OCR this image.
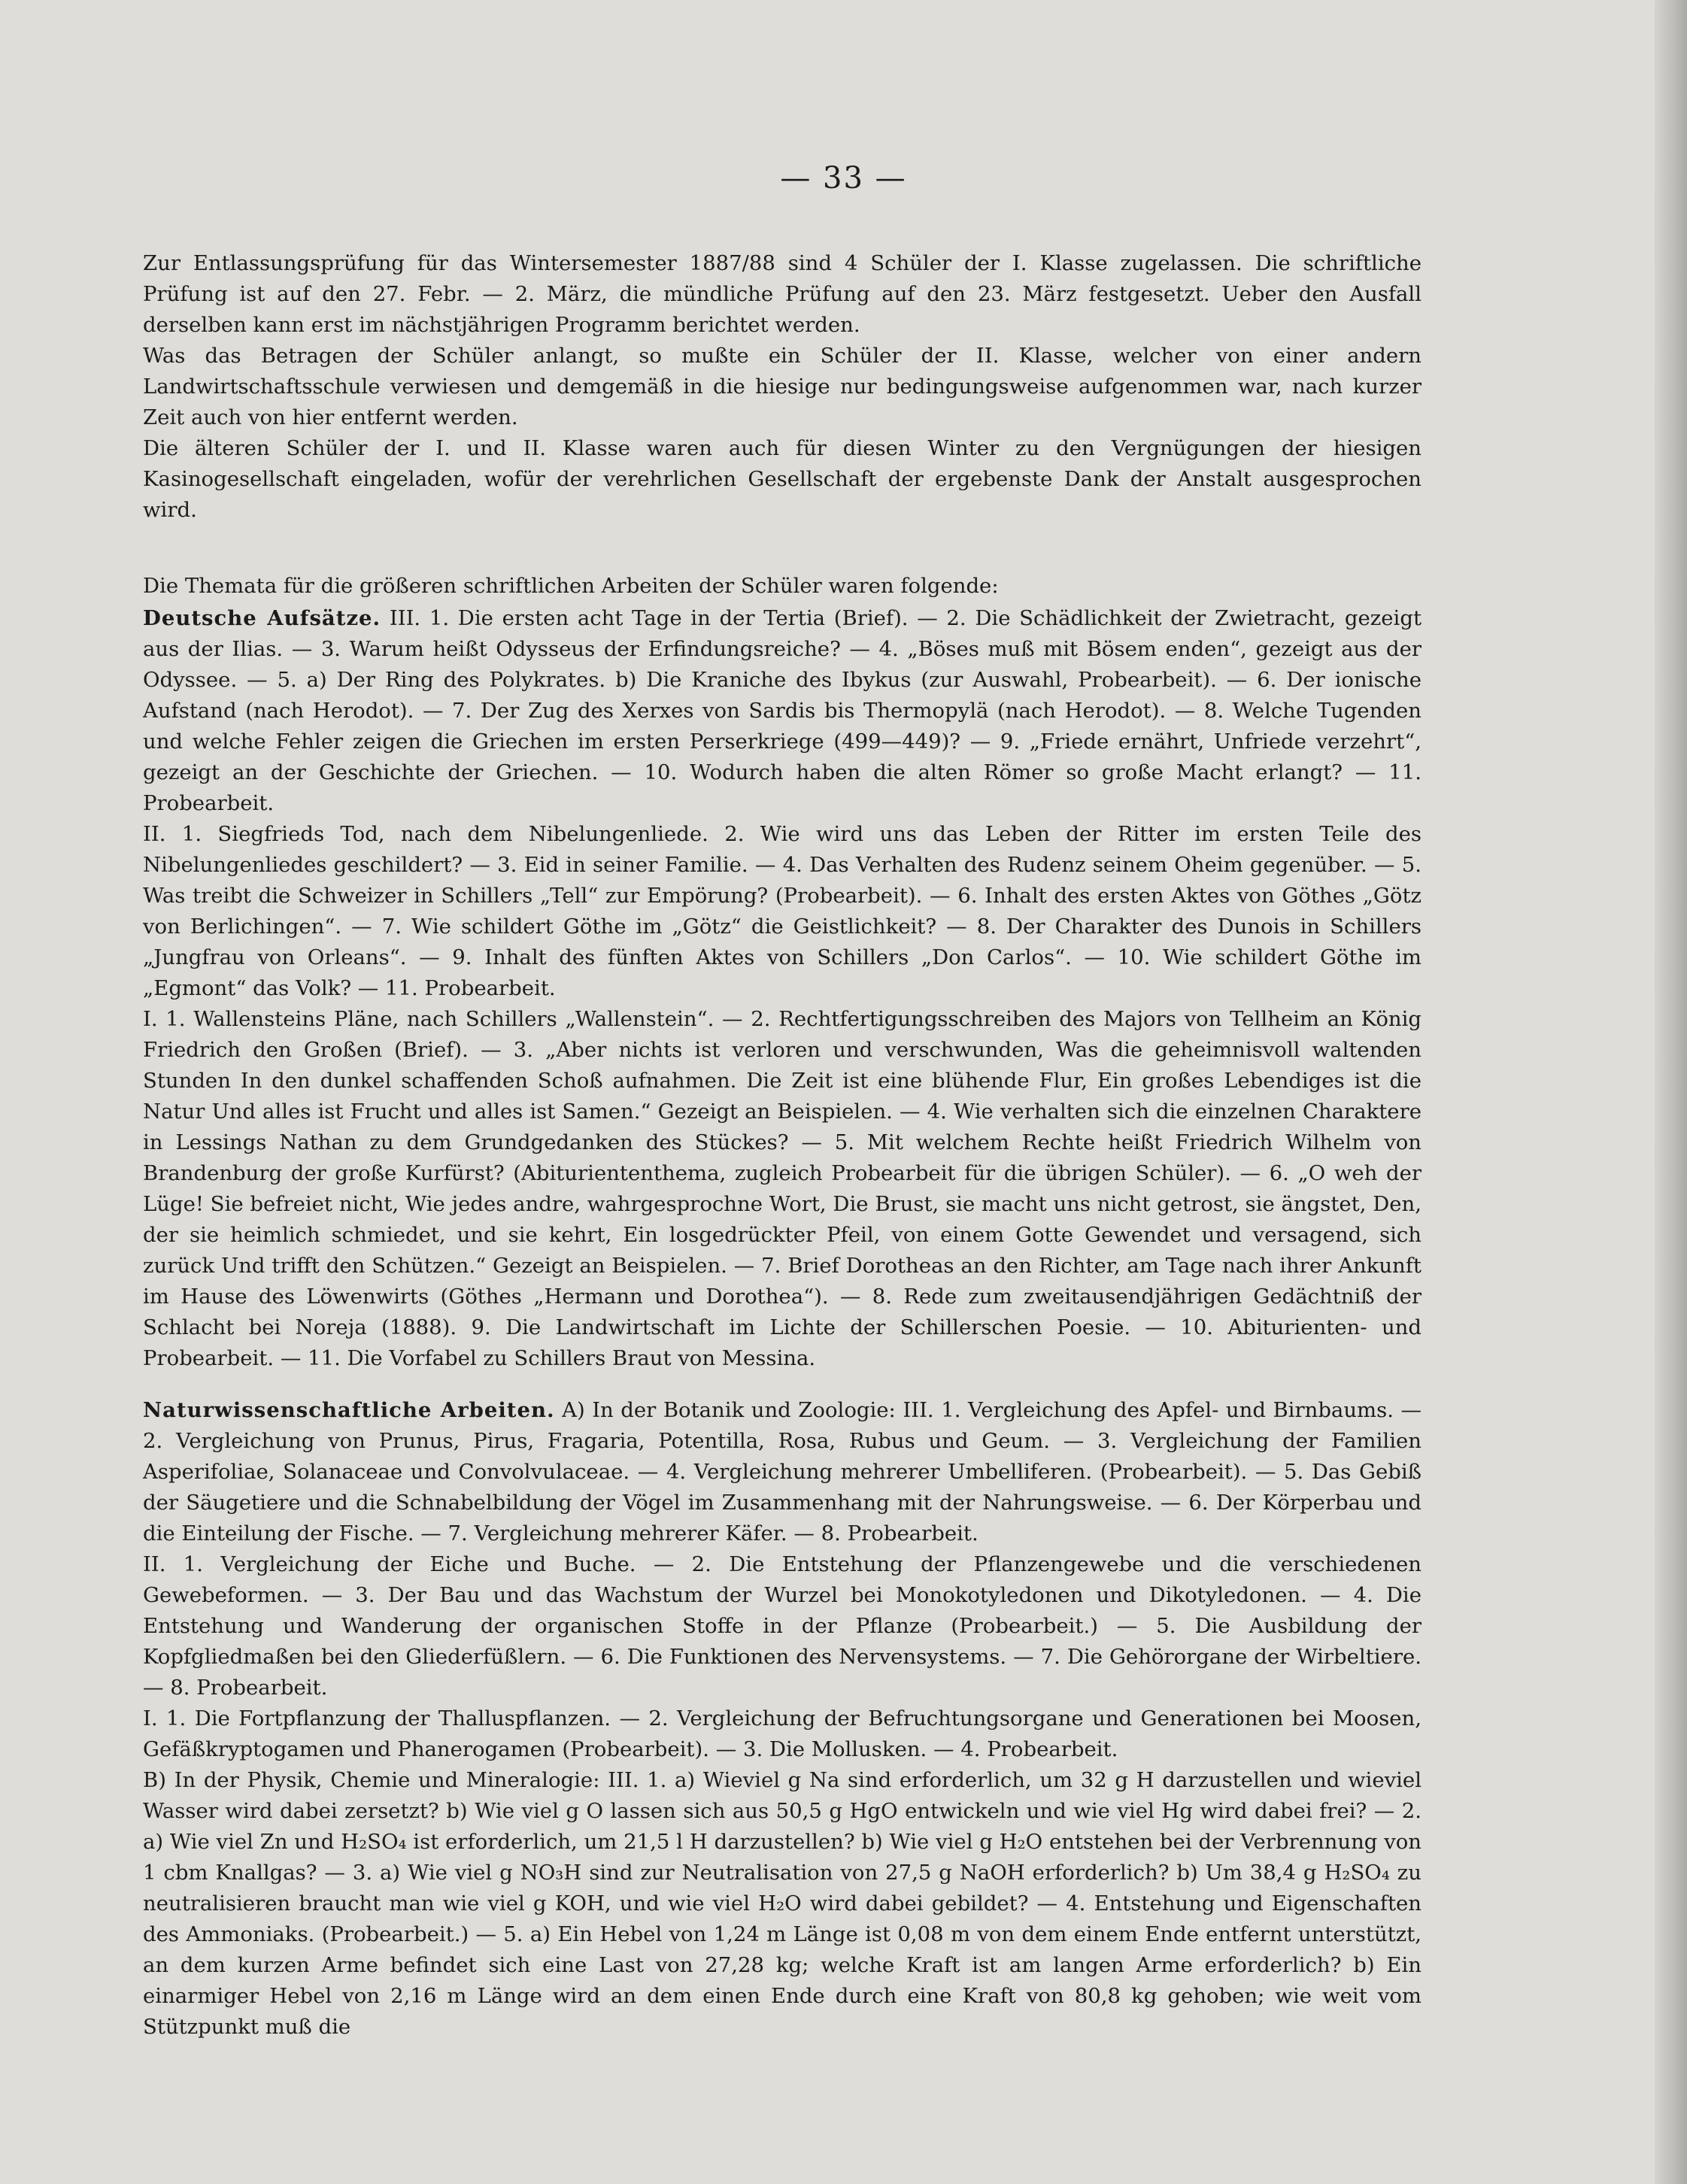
— 33 —

Zur Entlassungsprüfung für das Wintersemester 1887/88 sind 4 Schüler der I. Klasse zugelassen. Die schriftliche Prüfung ist auf den 27. Febr. — 2. März, die mündliche Prüfung auf den 23. März festgesetzt. Ueber den Ausfall derselben kann erst im nächstjährigen Programm berichtet werden.

Was das Betragen der Schüler anlangt, so mußte ein Schüler der II. Klasse, welcher von einer andern Landwirtschaftsschule verwiesen und demgemäß in die hiesige nur bedingungsweise aufgenommen war, nach kurzer Zeit auch von hier entfernt werden.

Die älteren Schüler der I. und II. Klasse waren auch für diesen Winter zu den Vergnügungen der hiesigen Kasinogesellschaft eingeladen, wofür der verehrlichen Gesellschaft der ergebenste Dank der Anstalt ausgesprochen wird.

Die Themata für die größeren schriftlichen Arbeiten der Schüler waren folgende:

Deutsche Aufsätze. III. 1. Die ersten acht Tage in der Tertia (Brief). — 2. Die Schädlichkeit der Zwietracht, gezeigt aus der Ilias. — 3. Warum heißt Odysseus der Erfindungsreiche? — 4. „Böses muß mit Bösem enden“, gezeigt aus der Odyssee. — 5. a) Der Ring des Polykrates. b) Die Kraniche des Ibykus (zur Auswahl, Probearbeit). — 6. Der ionische Aufstand (nach Herodot). — 7. Der Zug des Xerxes von Sardis bis Thermopylä (nach Herodot). — 8. Welche Tugenden und welche Fehler zeigen die Griechen im ersten Perserkriege (499—449)? — 9. „Friede ernährt, Unfriede verzehrt“, gezeigt an der Geschichte der Griechen. — 10. Wodurch haben die alten Römer so große Macht erlangt? — 11. Probearbeit.

II. 1. Siegfrieds Tod, nach dem Nibelungenliede. 2. Wie wird uns das Leben der Ritter im ersten Teile des Nibelungenliedes geschildert? — 3. Eid in seiner Familie. — 4. Das Verhalten des Rudenz seinem Oheim gegenüber. — 5. Was treibt die Schweizer in Schillers „Tell“ zur Empörung? (Probearbeit). — 6. Inhalt des ersten Aktes von Göthes „Götz von Berlichingen“. — 7. Wie schildert Göthe im „Götz“ die Geistlichkeit? — 8. Der Charakter des Dunois in Schillers „Jungfrau von Orleans“. — 9. Inhalt des fünften Aktes von Schillers „Don Carlos“. — 10. Wie schildert Göthe im „Egmont“ das Volk? — 11. Probearbeit.

I. 1. Wallensteins Pläne, nach Schillers „Wallenstein“. — 2. Rechtfertigungsschreiben des Majors von Tellheim an König Friedrich den Großen (Brief). — 3. „Aber nichts ist verloren und verschwunden, Was die geheimnisvoll waltenden Stunden In den dunkel schaffenden Schoß aufnahmen. Die Zeit ist eine blühende Flur, Ein großes Lebendiges ist die Natur Und alles ist Frucht und alles ist Samen.“ Gezeigt an Beispielen. — 4. Wie verhalten sich die einzelnen Charaktere in Lessings Nathan zu dem Grundgedanken des Stückes? — 5. Mit welchem Rechte heißt Friedrich Wilhelm von Brandenburg der große Kurfürst? (Abituriententhema, zugleich Probearbeit für die übrigen Schüler). — 6. „O weh der Lüge! Sie befreiet nicht, Wie jedes andre, wahrgesprochne Wort, Die Brust, sie macht uns nicht getrost, sie ängstet, Den, der sie heimlich schmiedet, und sie kehrt, Ein losgedrückter Pfeil, von einem Gotte Gewendet und versagend, sich zurück Und trifft den Schützen.“ Gezeigt an Beispielen. — 7. Brief Dorotheas an den Richter, am Tage nach ihrer Ankunft im Hause des Löwenwirts (Göthes „Hermann und Dorothea“). — 8. Rede zum zweitausendjährigen Gedächtniß der Schlacht bei Noreja (1888). 9. Die Landwirtschaft im Lichte der Schillerschen Poesie. — 10. Abiturienten- und Probearbeit. — 11. Die Vorfabel zu Schillers Braut von Messina.

Naturwissenschaftliche Arbeiten. A) In der Botanik und Zoologie: III. 1. Vergleichung des Apfel- und Birnbaums. — 2. Vergleichung von Prunus, Pirus, Fragaria, Potentilla, Rosa, Rubus und Geum. — 3. Vergleichung der Familien Asperifoliae, Solanaceae und Convolvulaceae. — 4. Vergleichung mehrerer Umbelliferen. (Probearbeit). — 5. Das Gebiß der Säugetiere und die Schnabelbildung der Vögel im Zusammenhang mit der Nahrungsweise. — 6. Der Körperbau und die Einteilung der Fische. — 7. Vergleichung mehrerer Käfer. — 8. Probearbeit.

II. 1. Vergleichung der Eiche und Buche. — 2. Die Entstehung der Pflanzengewebe und die verschiedenen Gewebeformen. — 3. Der Bau und das Wachstum der Wurzel bei Monokotyledonen und Dikotyledonen. — 4. Die Entstehung und Wanderung der organischen Stoffe in der Pflanze (Probearbeit.) — 5. Die Ausbildung der Kopfgliedmaßen bei den Gliederfüßlern. — 6. Die Funktionen des Nervensystems. — 7. Die Gehörorgane der Wirbeltiere. — 8. Probearbeit.

I. 1. Die Fortpflanzung der Thalluspflanzen. — 2. Vergleichung der Befruchtungsorgane und Generationen bei Moosen, Gefäßkryptogamen und Phanerogamen (Probearbeit). — 3. Die Mollusken. — 4. Probearbeit.

B) In der Physik, Chemie und Mineralogie: III. 1. a) Wieviel g Na sind erforderlich, um 32 g H darzustellen und wieviel Wasser wird dabei zersetzt? b) Wie viel g O lassen sich aus 50,5 g HgO entwickeln und wie viel Hg wird dabei frei? — 2. a) Wie viel Zn und H₂SO₄ ist erforderlich, um 21,5 l H darzustellen? b) Wie viel g H₂O entstehen bei der Verbrennung von 1 cbm Knallgas? — 3. a) Wie viel g NO₃H sind zur Neutralisation von 27,5 g NaOH erforderlich? b) Um 38,4 g H₂SO₄ zu neutralisieren braucht man wie viel g KOH, und wie viel H₂O wird dabei gebildet? — 4. Entstehung und Eigenschaften des Ammoniaks. (Probearbeit.) — 5. a) Ein Hebel von 1,24 m Länge ist 0,08 m von dem einem Ende entfernt unterstützt, an dem kurzen Arme befindet sich eine Last von 27,28 kg; welche Kraft ist am langen Arme erforderlich? b) Ein einarmiger Hebel von 2,16 m Länge wird an dem einen Ende durch eine Kraft von 80,8 kg gehoben; wie weit vom Stützpunkt muß die
